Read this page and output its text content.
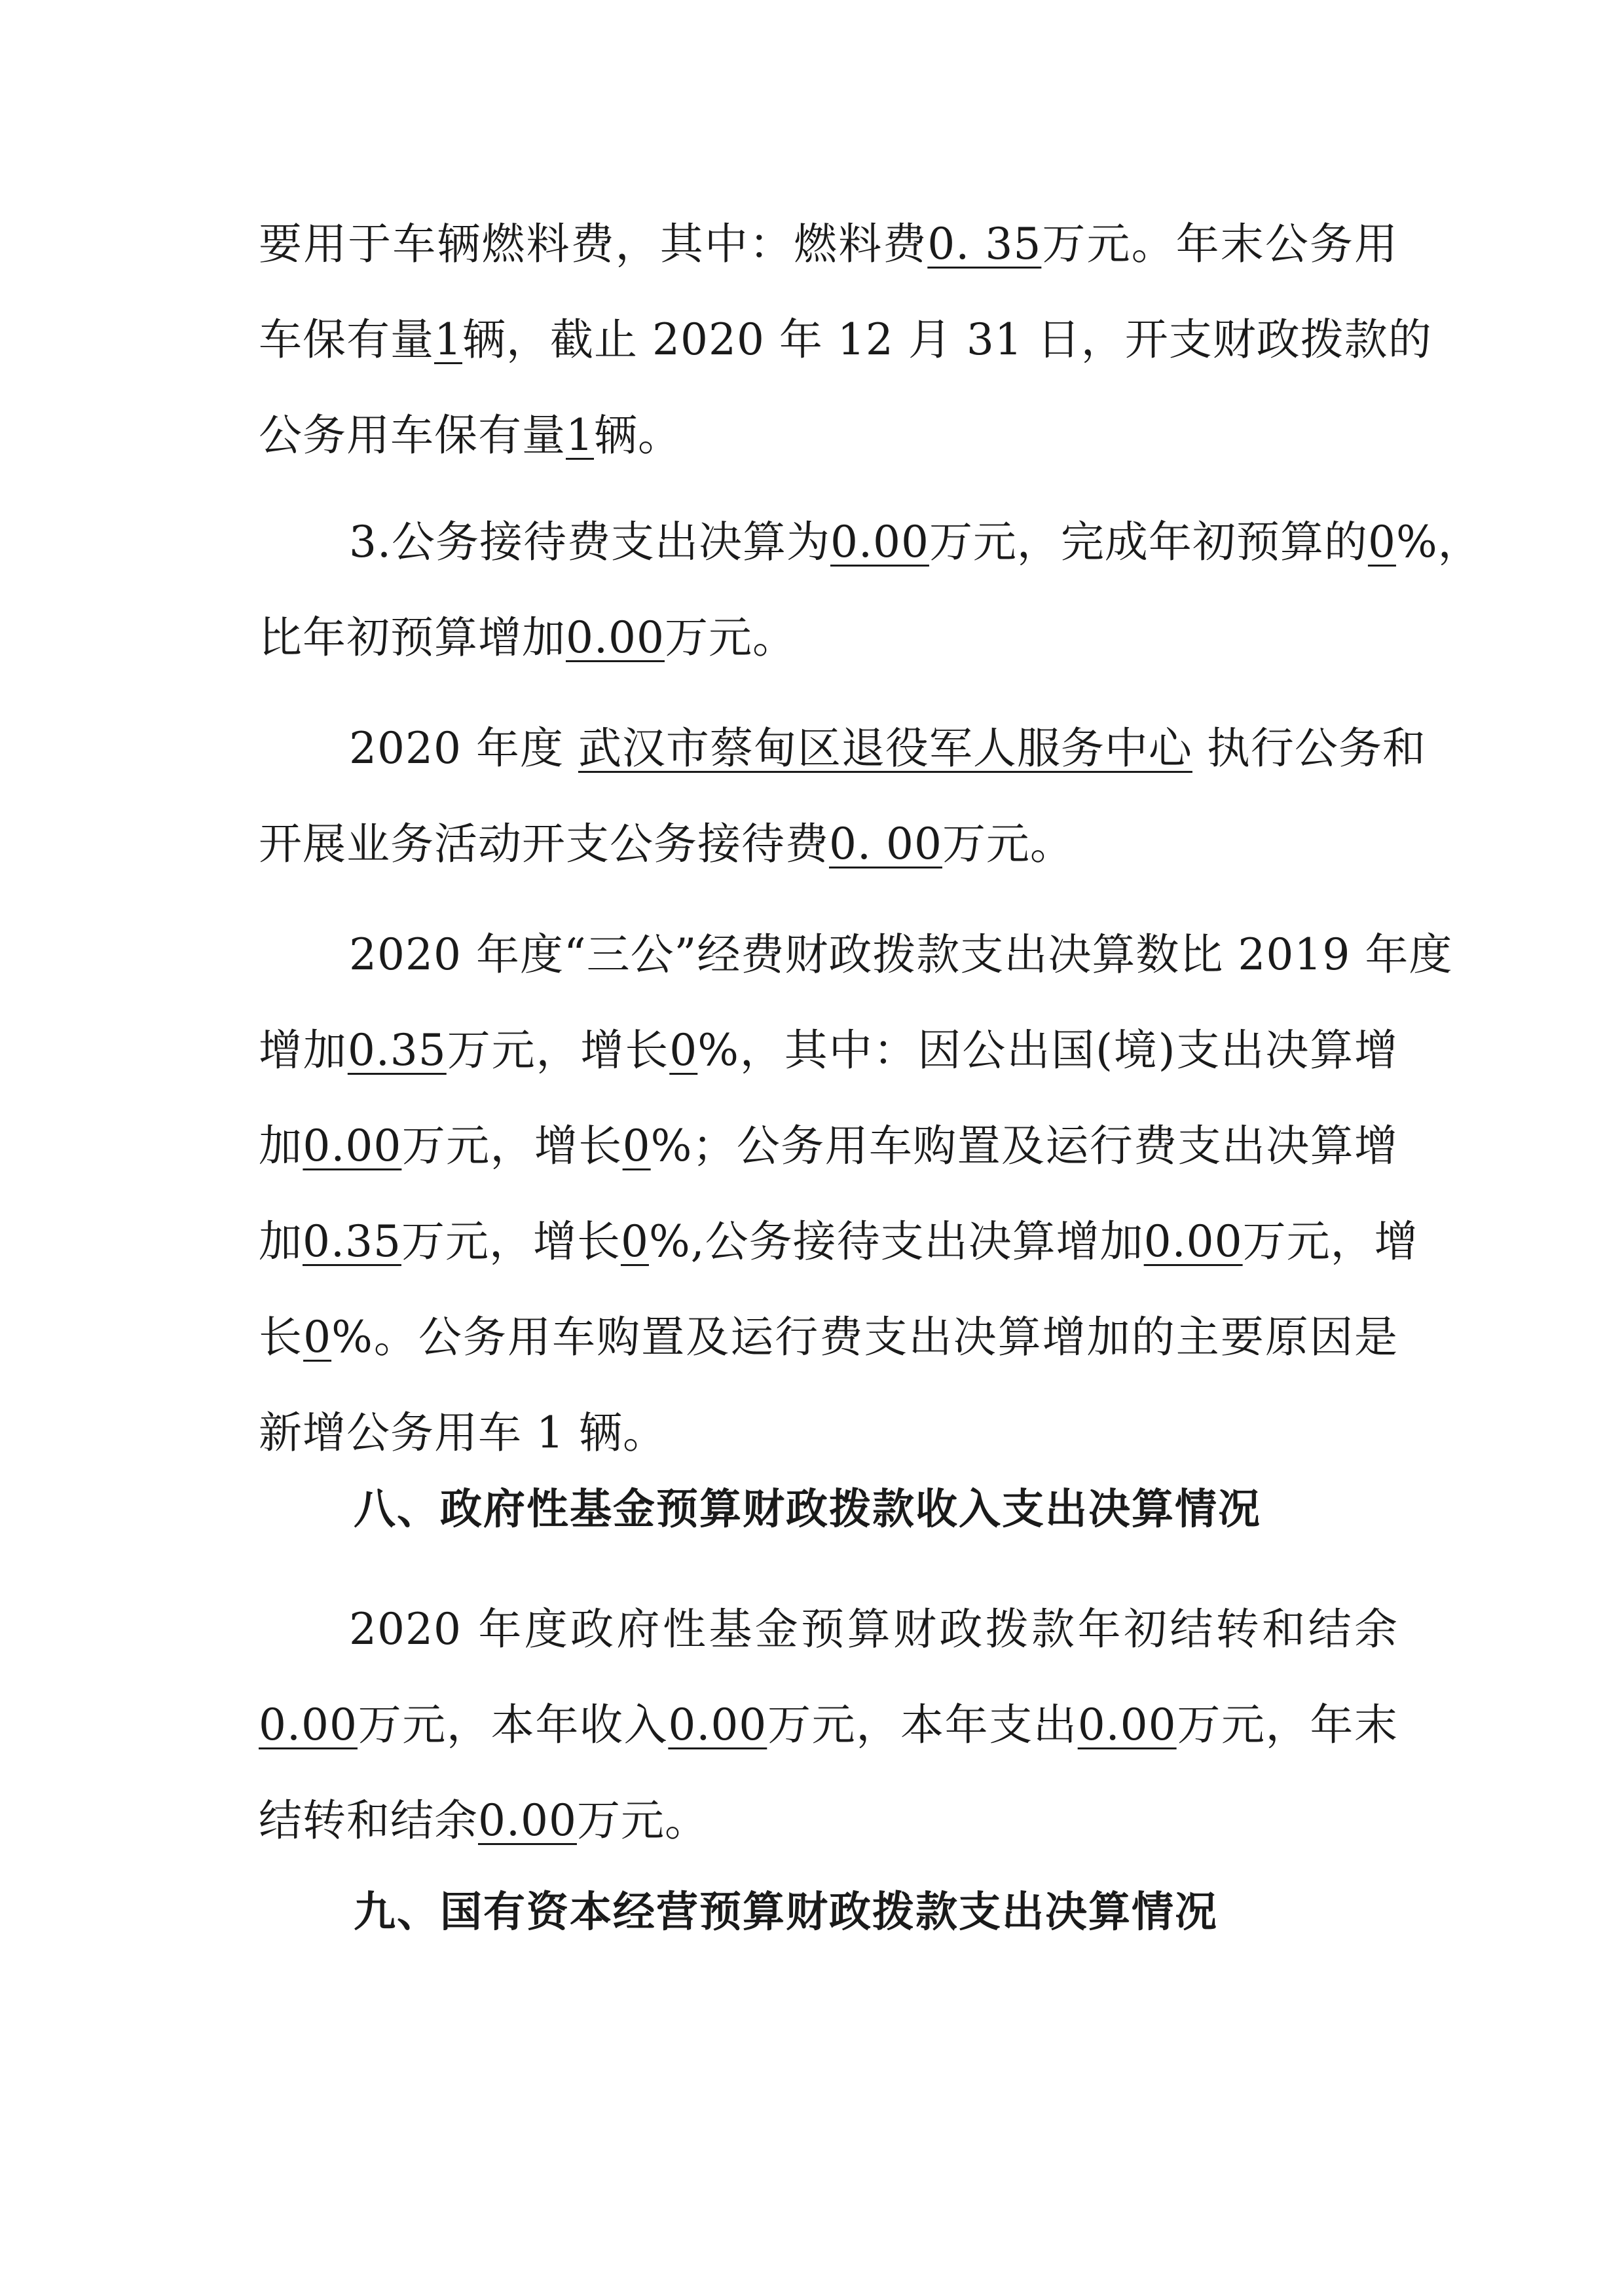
要用于车辆燃料费，其中：燃料费0. 35万元。年末公务用
车保有量1辆，截止 2020 年 12 月 31 日，开支财政拨款的
公务用车保有量1辆。
3.公务接待费支出决算为0.00万元，完成年初预算的0%，
比年初预算增加0.00万元。
2020 年度 武汉市蔡甸区退役军人服务中心 执行公务和
开展业务活动开支公务接待费0. 00万元。
2020 年度“三公”经费财政拨款支出决算数比 2019 年度
增加0.35万元，增长0%，其中：因公出国(境)支出决算增
加0.00万元，增长0%；公务用车购置及运行费支出决算增
加0.35万元，增长0%,公务接待支出决算增加0.00万元，增
长0%。公务用车购置及运行费支出决算增加的主要原因是
新增公务用车 1 辆。
八、政府性基金预算财政拨款收入支出决算情况
2020 年度政府性基金预算财政拨款年初结转和结余
0.00万元，本年收入0.00万元，本年支出0.00万元，年末
结转和结余0.00万元。
九、国有资本经营预算财政拨款支出决算情况
